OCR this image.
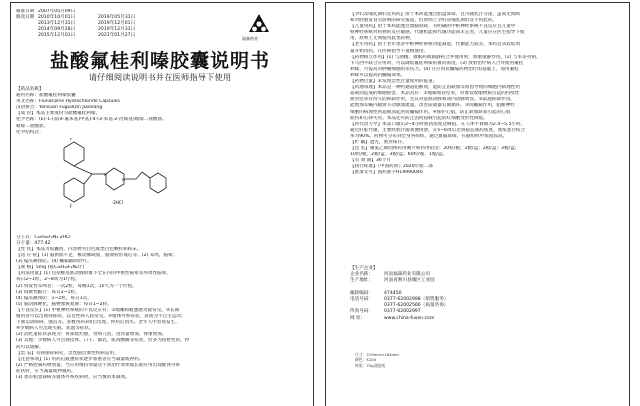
核准日期 2007年05月09日
修改日期 2010年10月01日	2019年05月31日
2013年12月31日	2019年12月01日
2014年09月28日	2019年12月31日
2015年12月01日	2021年01月27日
福森药业
盐酸氟桂利嗪胶囊说明书
请仔细阅读说明书并在医师指导下使用
【药品名称】
通用名称：盐酸氟桂利嗪胶囊
英文名称：Flunarizine Hydrochloride Capsules
汉语拼音：Yansuan Fuguilizin Jiaonang
【成 份】本品主要成份为盐酸氟桂利嗪。
化学名称：(E)-1-[双(4-氟苯基)甲基]-4-(3-苯基-2-丙烯基)哌嗪二盐酸盐。
哌嗪二盐酸盐。
化学结构式：
F
F
N
N
·2HCl
分子式：C₂₆H₂₆F₂N₂·2HCl
分子量：477.42
【性 状】本品为胶囊剂，内容物为白色或类白色颗粒和粉末。
【适 应 症】(1) 脑供血不足，椎动脉缺血，脑血栓形成后等。(2) 耳鸣，脑晕。
(3) 偏头痛预防。(4) 癫痫辅助治疗。
【规 格】5mg (按C₂₆H₂₆F₂N₂计)
【用法用量】(1) 包括椎基底动脉供血不全在内的中枢性眩晕及外周性眩晕，
每日2~1粒，2~8周为1疗程。
(2) 特发性耳鸣者：一次2粒，每晚1次，10天为一个疗程。
(3) 间歇性跛行：每日2~1粒。
(4) 偏头痛预防：1~2粒，每日1次。
(5) 脑动脉硬化，脑梗塞恢复期：每日1~2粒。
【不良反应】(1) 中枢神经系统的不良反应有：①嗜睡和疲惫感为最常见。②长期
服用者可以出现抑郁症，以女性病人较常见。③锥体外系症状，表现为不自主运动、
下颌运动障碍、强直等。多数用药3周后出现，停药后消失。老年人中容易发生。
④少数病人可出现失眠、焦虑等症状。
(2) 消化道症状表现为：胃部烧灼感，胃纳亢进，进食量增加，体重增加。
(3) 其他：少数病人可出现皮疹、口干、溢乳、肌肉酸痛等症状，但多为短暂性的，停
药可以缓解。
【禁 忌】有抑郁症病史，急性脑出血性疾病忌用。
【注意事项】(1) 用药后疲惫症状逐步加重者应当减量或停药。
(2) 严格控制药物剂量，当应用维持剂量达不到治疗效果或长期应用出现锥体外系
症状时，应当减量或停服药。
(3) 患有帕金森病等锥体外系疾病时，应当慎用本制剂。
【孕妇及哺乳期妇女用药】由于本药能透过胎盘屏障，且可随乳汁分泌，虽尚无致畸
和对胚胎发育有影响的研究报道，但原则上孕妇及哺乳期妇女不用此药。
【儿童用药】由于本药能透过血脑屏障，有明确的中枢神经系统不良反应且儿童中
枢神经系统对药物的反应敏感，代谢机能和代谢功能尚未完善，儿童应在医生指导下使
用，原则上无须使用此类药物。
【老年用药】由于老年患者中枢神经系统功能减退，代谢能力较差，本药宜从较低剂
量开始用药，在医师指导下谨慎使用。
【药物相互作用】(1) 与酒精、催眠药或镇静药合并使用时，加重镇静作用。(2) 与苯妥英钠、
卡马西平联合应用时，可以降低氟桂利嗪的血药浓度。(3) 放射治疗病人合并使用氟桂
利嗪，可提高对肿瘤细胞的杀伤力。(4) 在应用抗癫痫药物治疗的基础上，加用氟桂
利嗪可以提高抗癫痫效果。
【药物过量】未发现急性过量使用的报道。
【药理毒理】本品是一种钙通道阻断剂，能防止因缺血等原因导致的细胞内病理性钙
超载而造成的细胞损害。本品具有：①缓解血管痉挛，对血管收缩物质引起的持续性
血管痉挛有持久的抑制作用，尤其对基底动脉和颈内动脉明显。②前庭抑制作用，
能增加耳蜗内辐射小动脉血流量，改善前庭器官微循环。③抗癫痫作用，阻断神经
细胞的病理性钙超载而起到抗癫痫作用。④保护心肌，防止缺血缺氧引起的心肌
损伤和心律失常。本品还可防止因钙超载引起的红细胞变形性降低。
【药代动力学】本品口服后2~4小时血药浓度达峰值。在人体半衰期为2.4~5.5小时。
通过肝脏代谢，主要经胆汁随粪便排泄，在5~6周后达到稳态血药浓度。血浆蛋白结合
率为90%。药物可分布到全身各组织，通过血脑屏障，在脑组织中浓度较高。
【贮 藏】遮光，密封保存。
【包 装】聚氯乙烯固体药用硬片和药用铝箔：20粒/板；1板/盒；2板/盒；3板/盒；
10粒/板，2板/盒，3板/盒；60粒/瓶，1瓶/盒。
【有 效 期】36个月
【执行标准】《中国药典》2020年版二部
【批准文号】国药准字H19990046
【生产企业】
企业名称： 河南福森药业有限公司
生产地址： 河南省淅川县城区工业园
邮政编码： 474450
电话号码： 0377-62002998（销售服务）
0377-62002566（质量咨询）
传真号码： 0377-62002997
网 址：	www.china-fusen.com
尺寸：215mm×184mm
颜色：K100
材质：70g双胶纸
